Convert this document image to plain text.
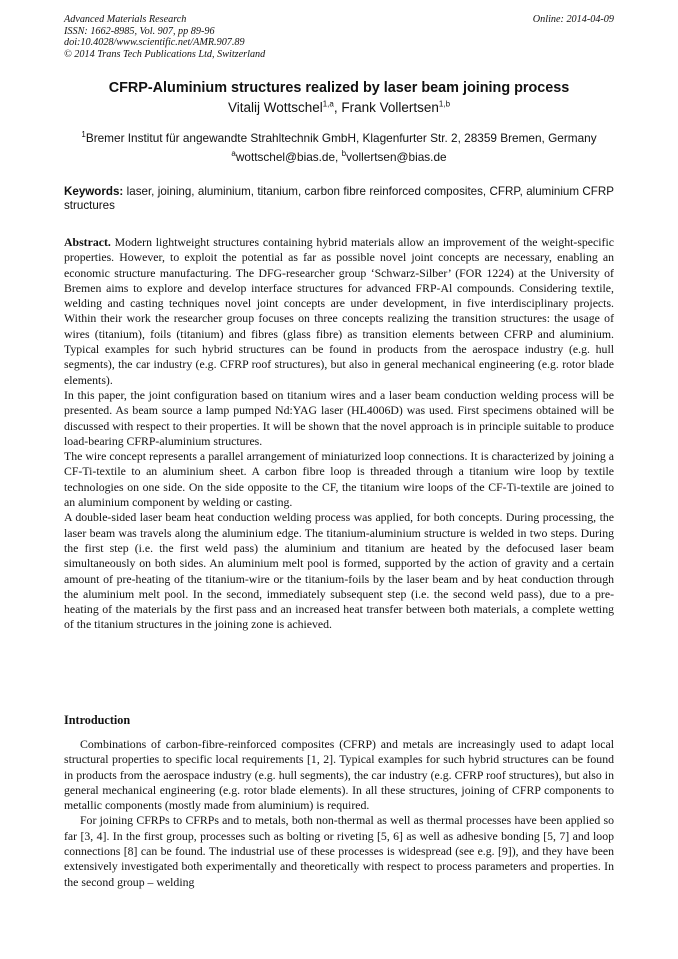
Advanced Materials Research
ISSN: 1662-8985, Vol. 907, pp 89-96
doi:10.4028/www.scientific.net/AMR.907.89
© 2014 Trans Tech Publications Ltd, Switzerland
Online: 2014-04-09
CFRP-Aluminium structures realized by laser beam joining process
Vitalij Wottschel$^{1,a}$, Frank Vollertsen$^{1,b}$
$^1$Bremer Institut für angewandte Strahltechnik GmbH, Klagenfurter Str. 2, 28359 Bremen, Germany
$^a$wottschel@bias.de, $^b$vollertsen@bias.de
Keywords: laser, joining, aluminium, titanium, carbon fibre reinforced composites, CFRP, aluminium CFRP structures

Abstract. Modern lightweight structures containing hybrid materials allow an improvement of the weight-specific properties. However, to exploit the potential as far as possible novel joint concepts are necessary, enabling an economic structure manufacturing. The DFG-researcher group ‘Schwarz-Silber’ (FOR 1224) at the University of Bremen aims to explore and develop interface structures for advanced FRP-Al compounds. Considering textile, welding and casting techniques novel joint concepts are under development, in five interdisciplinary projects. Within their work the researcher group focuses on three concepts realizing the transition structures: the usage of wires (titanium), foils (titanium) and fibres (glass fibre) as transition elements between CFRP and aluminium. Typical examples for such hybrid structures can be found in products from the aerospace industry (e.g. hull segments), the car industry (e.g. CFRP roof structures), but also in general mechanical engineering (e.g. rotor blade elements).

In this paper, the joint configuration based on titanium wires and a laser beam conduction welding process will be presented. As beam source a lamp pumped Nd:YAG laser (HL4006D) was used. First specimens obtained will be discussed with respect to their properties. It will be shown that the novel approach is in principle suitable to produce load-bearing CFRP-aluminium structures.

The wire concept represents a parallel arrangement of miniaturized loop connections. It is characterized by joining a CF-Ti-textile to an aluminium sheet. A carbon fibre loop is threaded through a titanium wire loop by textile technologies on one side. On the side opposite to the CF, the titanium wire loops of the CF-Ti-textile are joined to an aluminium component by welding or casting.

A double-sided laser beam heat conduction welding process was applied, for both concepts. During processing, the laser beam was travels along the aluminium edge. The titanium-aluminium structure is welded in two steps. During the first step (i.e. the first weld pass) the aluminium and titanium are heated by the defocused laser beam simultaneously on both sides. An aluminium melt pool is formed, supported by the action of gravity and a certain amount of pre-heating of the titanium-wire or the titanium-foils by the laser beam and by heat conduction through the aluminium melt pool. In the second, immediately subsequent step (i.e. the second weld pass), due to a pre-heating of the materials by the first pass and an increased heat transfer between both materials, a complete wetting of the titanium structures in the joining zone is achieved.

Introduction

Combinations of carbon-fibre-reinforced composites (CFRP) and metals are increasingly used to adapt local structural properties to specific local requirements [1, 2]. Typical examples for such hybrid structures can be found in products from the aerospace industry (e.g. hull segments), the car industry (e.g. CFRP roof structures), but also in general mechanical engineering (e.g. rotor blade elements). In all these structures, joining of CFRP components to metallic components (mostly made from aluminium) is required.

For joining CFRPs to CFRPs and to metals, both non-thermal as well as thermal processes have been applied so far [3, 4]. In the first group, processes such as bolting or riveting [5, 6] as well as adhesive bonding [5, 7] and loop connections [8] can be found. The industrial use of these processes is widespread (see e.g. [9]), and they have been extensively investigated both experimentally and theoretically with respect to process parameters and properties. In the second group – welding
